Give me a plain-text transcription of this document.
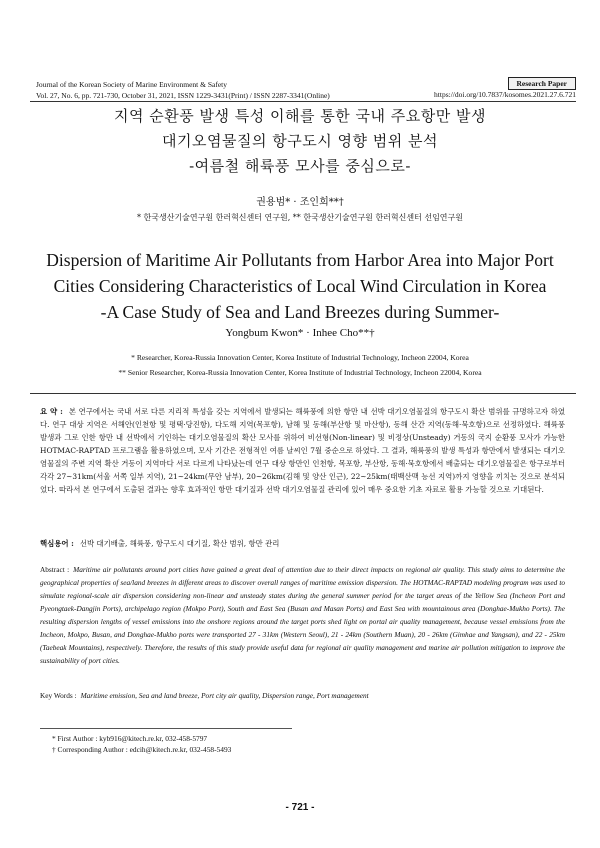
Journal of the Korean Society of Marine Environment & Safety
Vol. 27, No. 6, pp. 721-730, October 31, 2021, ISSN 1229-3431(Print) / ISSN 2287-3341(Online)
Research Paper
https://doi.org/10.7837/kosomes.2021.27.6.721
지역 순환풍 발생 특성 이해를 통한 국내 주요항만 발생
대기오염물질의 항구도시 영향 범위 분석
-여름철 해륙풍 모사를 중심으로-
권용범* · 조인희**†
* 한국생산기술연구원 한러혁신센터 연구원, ** 한국생산기술연구원 한러혁신센터 선임연구원
Dispersion of Maritime Air Pollutants from Harbor Area into Major Port
Cities Considering Characteristics of Local Wind Circulation in Korea
-A Case Study of Sea and Land Breezes during Summer-
Yongbum Kwon* · Inhee Cho**†
* Researcher, Korea-Russia Innovation Center, Korea Institute of Industrial Technology, Incheon 22004, Korea
** Senior Researcher, Korea-Russia Innovation Center, Korea Institute of Industrial Technology, Incheon 22004, Korea
요 약 : 본 연구에서는 국내 서로 다른 지리적 특성을 갖는 지역에서 발생되는 해륙풍에 의한 항만 내 선박 대기오염물질의 항구도시 확산 범위를 규명하고자 하였다. 연구 대상 지역은 서해안(인천항 및 평택·당진항), 다도해 지역(목포항), 남해 및 동해(부산항 및 마산항), 동해 산간 지역(동해·묵호항)으로 선정하였다. 해륙풍 발생과 그로 인한 항만 내 선박에서 기인하는 대기오염물질의 확산 모사를 위하여 비선형(Non-linear) 및 비정상(Unsteady) 거동의 국지 순환풍 모사가 가능한 HOTMAC-RAPTAD 프로그램을 활용하였으며, 모사 기간은 전형적인 여름 날씨인 7월 중순으로 하였다. 그 결과, 해륙풍의 발생 특성과 항만에서 발생되는 대기오염물질의 주변 지역 확산 거동이 지역마다 서로 다르게 나타났는데 연구 대상 항만인 인천항, 목포항, 부산항, 동해·묵호항에서 배출되는 대기오염물질은 항구로부터 각각 27~31km(서울 서쪽 일부 지역), 21~24km(무안 남부), 20~26km(김해 및 양산 인근), 22~25km(태백산맥 능선 지역)까지 영향을 끼치는 것으로 분석되었다. 따라서 본 연구에서 도출된 결과는 향후 효과적인 항만 대기질과 선박 대기오염물질 관리에 있어 매우 중요한 기초 자료로 활용 가능할 것으로 기대된다.
핵심용어 : 선박 대기배출, 해륙풍, 항구도시 대기질, 확산 범위, 항만 관리
Abstract : Maritime air pollutants around port cities have gained a great deal of attention due to their direct impacts on regional air quality. This study aims to determine the geographical properties of sea/land breezes in different areas to discover overall ranges of maritime emission dispersion. The HOTMAC-RAPTAD modeling program was used to simulate regional-scale air dispersion considering non-linear and unsteady states during the general summer period for the target areas of the Yellow Sea (Incheon Port and Pyeongtaek-Dangjin Ports), archipelago region (Mokpo Port), South and East Sea (Busan and Masan Ports) and East Sea with mountainous area (Donghae-Mukho Ports). The resulting dispersion lengths of vessel emissions into the onshore regions around the target ports shed light on portal air quality management, because vessel emissions from the Incheon, Mokpo, Busan, and Donghae-Mukho ports were transported 27 - 31km (Western Seoul), 21 - 24km (Southern Muan), 20 - 26km (Gimhae and Yangsan), and 22 - 25km (Taebeak Mountains), respectively. Therefore, the results of this study provide useful data for regional air quality management and marine air pollution mitigation to improve the sustainability of port cities.
Key Words : Maritime emission, Sea and land breeze, Port city air quality, Dispersion range, Port management
* First Author : kyb916@kitech.re.kr, 032-458-5797
† Corresponding Author : edcih@kitech.re.kr, 032-458-5493
- 721 -
